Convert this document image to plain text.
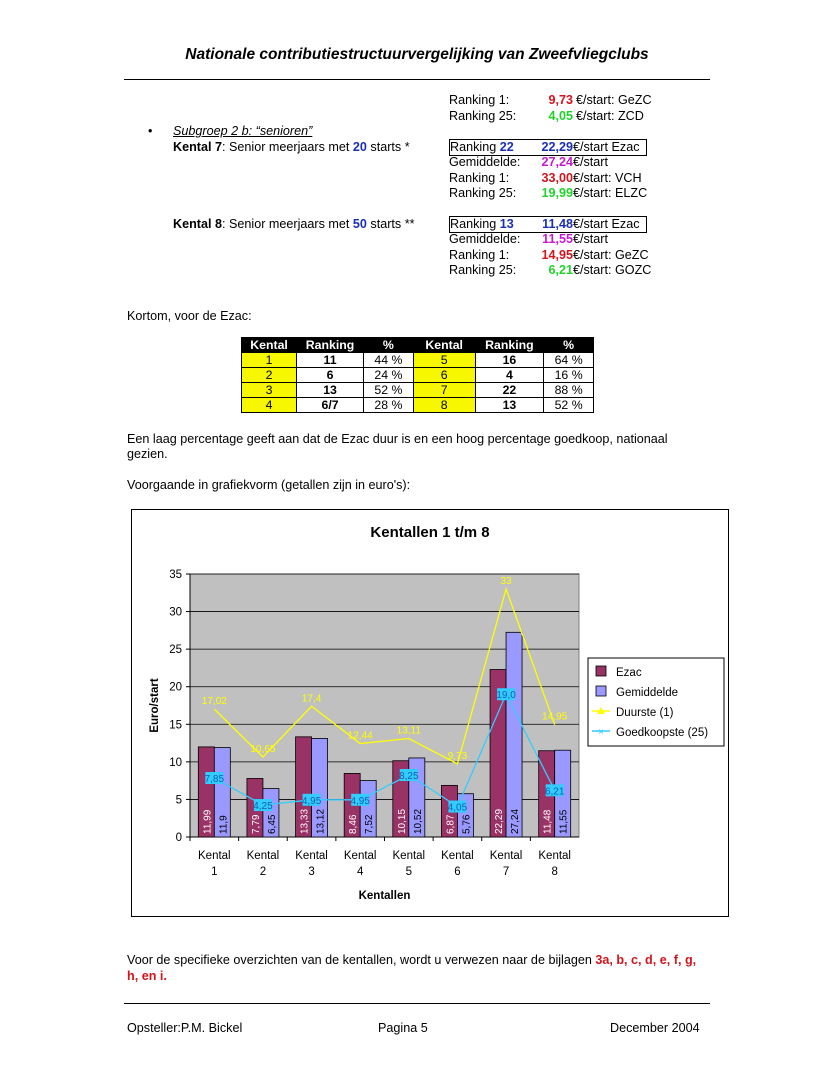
Nationale contributiestructuurvergelijking van Zweefvliegclubs
Ranking 1:	9,73 €/start: GeZC
Ranking 25:	4,05 €/start: ZCD
• Subgroep 2 b: “senioren”
Kental 7: Senior meerjaars met 20 starts *	Ranking 22	22,29 €/start Ezac
Gemiddelde:	27,24 €/start
Ranking 1:	33,00 €/start: VCH
Ranking 25:	19,99 €/start: ELZC
Kental 8: Senior meerjaars met 50 starts **	Ranking 13	11,48 €/start Ezac
Gemiddelde:	11,55 €/start
Ranking 1:	14,95 €/start: GeZC
Ranking 25:	6,21 €/start: GOZC
Kortom, voor de Ezac:
Kental	Ranking	%	Kental	Ranking	%
1	11	44 %	5	16	64 %
2	6	24 %	6	4	16 %
3	13	52 %	7	22	88 %
4	6/7	28 %	8	13	52 %
Een laag percentage geeft aan dat de Ezac duur is en een hoog percentage goedkoop, nationaal
gezien.
Voorgaande in grafiekvorm (getallen zijn in euro's):
Kentallen 1 t/m 8
0
5
10
15
20
25
30
35
Euro/start
Kentallen
Kental
1
Kental
2
Kental
3
Kental
4
Kental
5
Kental
6
Kental
7
Kental
8
11,99	7,79	13,33	8,46	10,15	6,87	22,29	11,48
11,9	6,45	13,12	7,52	10,52	5,76	27,24	11,55
17,02
10,65
17,4
12,44 13,11
9,73
33
14,95
7,85
4,25	4,95	4,95
8,25
4,05
19,0
6,21
Ezac
Gemiddelde
Duurste (1)
× Goedkoopste (25)
Voor de specifieke overzichten van de kentallen, wordt u verwezen naar de bijlagen 3a, b, c, d, e, f, g,
h, en i.
Opsteller:P.M. Bickel	Pagina 5	December 2004
